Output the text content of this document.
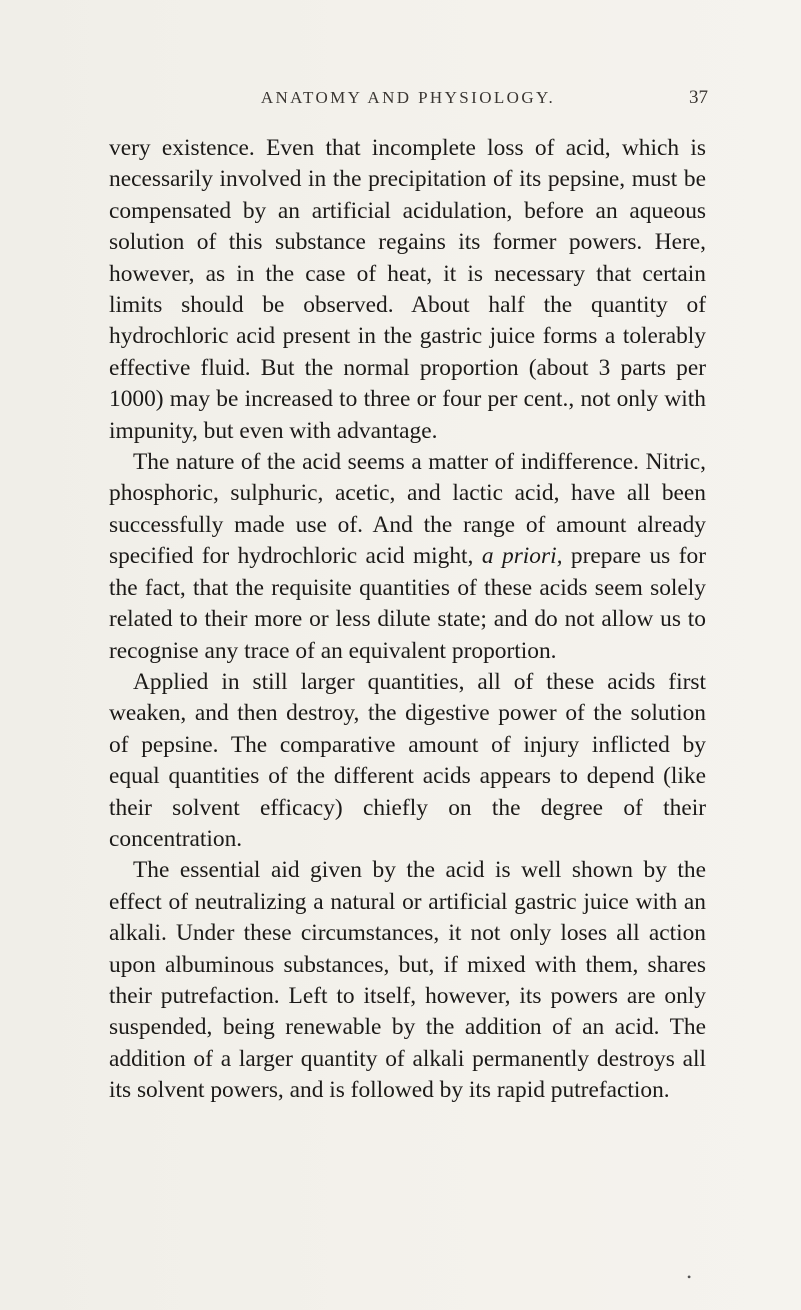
ANATOMY AND PHYSIOLOGY.	37

very existence. Even that incomplete loss of acid, which is necessarily involved in the precipitation of its pepsine, must be compensated by an artificial acidulation, before an aqueous solution of this substance regains its former powers. Here, however, as in the case of heat, it is necessary that certain limits should be observed. About half the quantity of hydrochloric acid present in the gastric juice forms a tolerably effective fluid. But the normal proportion (about 3 parts per 1000) may be increased to three or four per cent., not only with impunity, but even with advantage.

The nature of the acid seems a matter of indifference. Nitric, phosphoric, sulphuric, acetic, and lactic acid, have all been successfully made use of. And the range of amount already specified for hydrochloric acid might, a priori, prepare us for the fact, that the requisite quantities of these acids seem solely related to their more or less dilute state; and do not allow us to recognise any trace of an equivalent proportion.

Applied in still larger quantities, all of these acids first weaken, and then destroy, the digestive power of the solution of pepsine. The comparative amount of injury inflicted by equal quantities of the different acids appears to depend (like their solvent efficacy) chiefly on the degree of their concentration.

The essential aid given by the acid is well shown by the effect of neutralizing a natural or artificial gastric juice with an alkali. Under these circumstances, it not only loses all action upon albuminous substances, but, if mixed with them, shares their putrefaction. Left to itself, however, its powers are only suspended, being renewable by the addition of an acid. The addition of a larger quantity of alkali permanently destroys all its solvent powers, and is followed by its rapid putrefaction.

•
